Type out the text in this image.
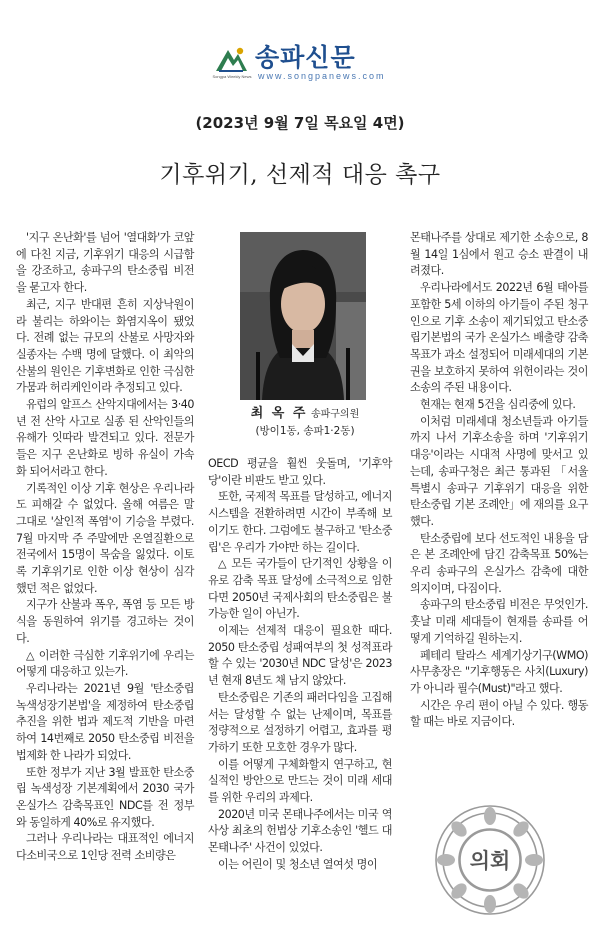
Songpa Weekly News
송파신문
www.songpanews.com
(2023년 9월 7일 목요일 4면)
기후위기, 선제적 대응 촉구

'지구 온난화'를 넘어 '열대화'가 코앞에 다친 지금, 기후위기 대응의 시급함을 강조하고, 송파구의 탄소중립 비전을 묻고자 한다.

최근, 지구 반대편 흔히 지상낙원이라 불리는 하와이는 화염지옥이 됐었다. 전례 없는 규모의 산불로 사망자와 실종자는 수백 명에 달했다. 이 최악의 산불의 원인은 기후변화로 인한 극심한 가뭄과 허리케인이라 추정되고 있다.

유럽의 알프스 산악지대에서는 3·40년 전 산악 사고로 실종 된 산악인들의 유해가 잇따라 발견되고 있다. 전문가들은 지구 온난화로 빙하 유실이 가속화 되어서라고 한다.

기록적인 이상 기후 현상은 우리나라도 피해갈 수 없었다. 올해 여름은 말 그대로 '살인적 폭염'이 기승을 부렸다. 7월 마지막 주 주말에만 온열질환으로 전국에서 15명이 목숨을 잃었다. 이토록 기후위기로 인한 이상 현상이 심각했던 적은 없었다.

지구가 산불과 폭우, 폭염 등 모든 방식을 동원하여 위기를 경고하는 것이다.

△ 이러한 극심한 기후위기에 우리는 어떻게 대응하고 있는가.

우리나라는 2021년 9월 '탄소중립녹색성장기본법'을 제정하여 탄소중립 추진을 위한 법과 제도적 기반을 마련하여 14번째로 2050 탄소중립 비전을 법제화 한 나라가 되었다.

또한 정부가 지난 3월 발표한 탄소중립 녹색성장 기본계획에서 2030 국가 온실가스 감축목표인 NDC를 전 정부와 동일하게 40%로 유지했다.

그러나 우리나라는 대표적인 에너지 다소비국으로 1인당 전력 소비량은

최 옥 주 송파구의원
(방이1동, 송파1·2동)

OECD 평균을 훨씬 웃돌며, '기후악당'이란 비판도 받고 있다.

또한, 국제적 목표를 달성하고, 에너지 시스템을 전환하려면 시간이 부족해 보이기도 한다. 그럼에도 불구하고 '탄소중립'은 우리가 가야만 하는 길이다.

△ 모든 국가들이 단기적인 상황을 이유로 감축 목표 달성에 소극적으로 임한다면 2050년 국제사회의 탄소중립은 불가능한 일이 아닌가.

이제는 선제적 대응이 필요한 때다. 2050 탄소중립 성패여부의 첫 성적표라 할 수 있는 '2030년 NDC 달성'은 2023년 현재 8년도 채 남지 않았다.

탄소중립은 기존의 패러다임을 고집해서는 달성할 수 없는 난제이며, 목표를 정량적으로 설정하기 어렵고, 효과를 평가하기 또한 모호한 경우가 많다.

이를 어떻게 구체화할지 연구하고, 현실적인 방안으로 만드는 것이 미래 세대를 위한 우리의 과제다.

2020년 미국 몬태나주에서는 미국 역사상 최초의 헌법상 기후소송인 '헬드 대 몬태나주' 사건이 있었다.

이는 어린이 및 청소년 열여섯 명이

몬태나주를 상대로 제기한 소송으로, 8월 14일 1심에서 원고 승소 판결이 내려졌다.

우리나라에서도 2022년 6월 태아를 포함한 5세 이하의 아기들이 주된 청구인으로 기후 소송이 제기되었고 탄소중립기본법의 국가 온실가스 배출량 감축 목표가 과소 설정되어 미래세대의 기본권을 보호하지 못하여 위헌이라는 것이 소송의 주된 내용이다.

현재는 현재 5건을 심리중에 있다.

이처럼 미래세대 청소년들과 아기들까지 나서 기후소송을 하며 '기후위기 대응'이라는 시대적 사명에 맞서고 있는데, 송파구청은 최근 통과된 「서울특별시 송파구 기후위기 대응을 위한 탄소중립 기본 조례안」에 재의를 요구했다.

탄소중립에 보다 선도적인 내용을 담은 본 조례안에 담긴 감축목표 50%는 우리 송파구의 온실가스 감축에 대한 의지이며, 다짐이다.

송파구의 탄소중립 비전은 무엇인가. 훗날 미래 세대들이 현재를 송파를 어떻게 기억하길 원하는지.

페테리 탈라스 세계기상기구(WMO) 사무총장은 "기후행동은 사치(Luxury)가 아니라 필수(Must)"라고 했다.

시간은 우리 편이 아닐 수 있다. 행동할 때는 바로 지금이다.

의회
